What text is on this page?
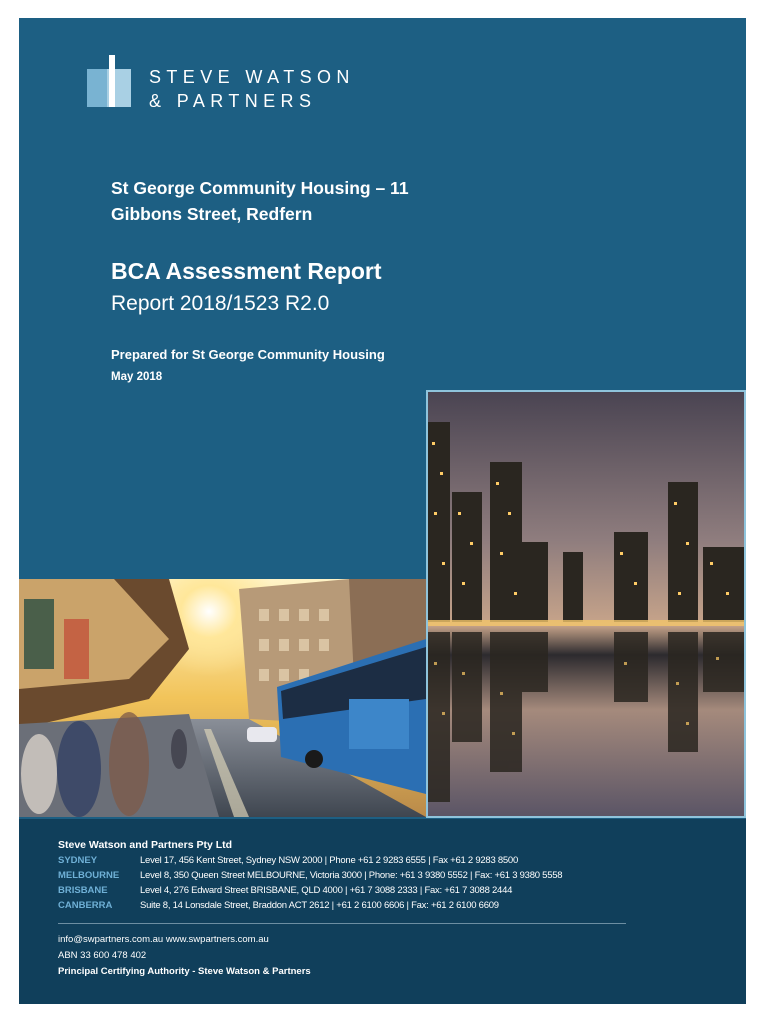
STEVE WATSON
& PARTNERS
St George Community Housing – 11
Gibbons Street, Redfern
BCA Assessment Report
Report 2018/1523 R2.0
Prepared for St George Community Housing
May 2018
Steve Watson and Partners Pty Ltd
SYDNEY	Level 17, 456 Kent Street, Sydney NSW 2000 | Phone +61 2 9283 6555 | Fax +61 2 9283 8500
MELBOURNE	Level 8, 350 Queen Street MELBOURNE, Victoria 3000 | Phone: +61 3 9380 5552 | Fax: +61 3 9380 5558
BRISBANE	Level 4, 276 Edward Street BRISBANE, QLD 4000 | +61 7 3088 2333 | Fax: +61 7 3088 2444
CANBERRA	Suite 8, 14 Lonsdale Street, Braddon ACT 2612 | +61 2 6100 6606 | Fax: +61 2 6100 6609
info@swpartners.com.au www.swpartners.com.au
ABN 33 600 478 402
Principal Certifying Authority - Steve Watson & Partners
